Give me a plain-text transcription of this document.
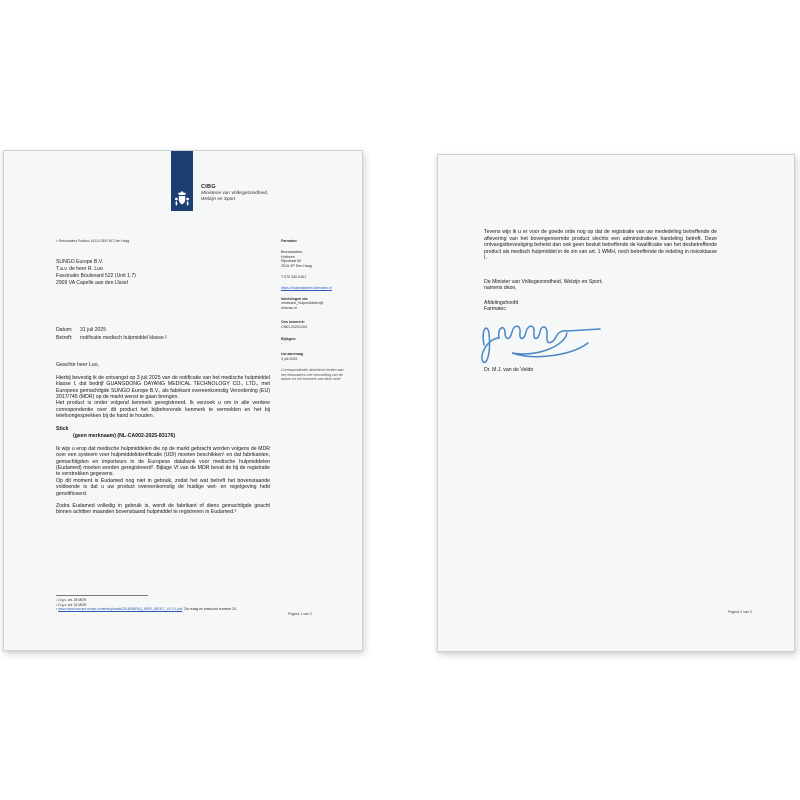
CIBG
Ministerie van Volksgezondheid,
Welzijn en Sport
> Retouradres Postbus 16114 2500 BC Den Haag
SUNGO Europe B.V.
T.a.v. de heer R. Luo
Fascinatio Boulevard 522 (Unit 1.7)
2909 VA Capelle aan den IJssel
Datum: 31 juli 2025
Betreft: notificatie medisch hulpmiddel klasse I
Geachte heer Luo,

Hierbij bevestig ik de ontvangst op 3 juli 2025 van de notificatie van het medische hulpmiddel klasse I, dat bedrijf GUANGDONG DAYANG MEDICAL TECHNOLOGY CO., LTD., met Europees gemachtigde SUNGO Europe B.V., als fabrikant overeenkomstig Verordening (EU) 2017/745 (MDR) op de markt wenst te gaan brengen.

Het product is onder volgend kenmerk geregistreerd. Ik verzoek u om in alle verdere correspondentie over dit product het bijbehorende kenmerk te vermelden en het bij telefoongesprekken bij de hand te houden.

Stick
(geen merknaam) (NL-CA002-2025-83176)

Ik wijs u erop dat medische hulpmiddelen die op de markt gebracht worden volgens de MDR over een systeem voor hulpmiddelidentificatie (UDI) moeten beschikken¹ en dat fabrikanten, gemachtigden en importeurs in de Europese databank voor medische hulpmiddelen (Eudamed) moeten worden geregistreerd². Bijlage VI van de MDR bevat de bij de registratie te verstrekken gegevens.

Op dit moment is Eudamed nog niet in gebruik, zodat het wat betreft het bovenstaande voldoende is dat u uw product overeenkomstig de huidige wet- en regelgeving hebt genotificeerd.

Zodra Eudamed volledig in gebruik is, wordt de fabrikant of diens gemachtigde geacht binnen achttien maanden bovenstaand hulpmiddel te registreren in Eudamed.³

¹ O.g.v. art. 28 MDR.
² O.g.v. art. 31 MDR.
³ www.camd-europe.eu/wp-content/uploads/2018/05/FAQ_MDR_180117_V1.0-1.pdf. Zie vraag en antwoord nummer 20.
Pagina 1 van 2
Farmatec
Bezoekadres:
Hoftoren
Rijnstraat 50
2515 XP Den Haag
T 070 340 6161
https://hulpmiddelen.farmatec.nl
Inlichtingen via:
medische_hulpmiddelen@
minvws.nl
Ons kenmerk:
CIBG-20251204
Bijlagen:
-
Uw aanvraag
3 juli 2025
Correspondentie uitsluitend richten aan het retouradres met vermelding van de datum en het kenmerk van deze brief.

Tevens wijs ik u er voor de goede orde nog op dat de registratie van uw mededeling betreffende de aflevering van het bovengenoemde product slechts een administratieve handeling betreft. Deze ontvangstbevestiging behelst dan ook geen besluit betreffende de kwalificatie van het desbetreffende product als medisch hulpmiddel in de zin van art. 1 WMH, noch betreffende de indeling in risicoklasse I.

De Minister van Volksgezondheid, Welzijn en Sport,
namens deze,
Afdelingshoofd
Farmatec
Dr. M.J. van de Velde
Pagina 2 van 2
